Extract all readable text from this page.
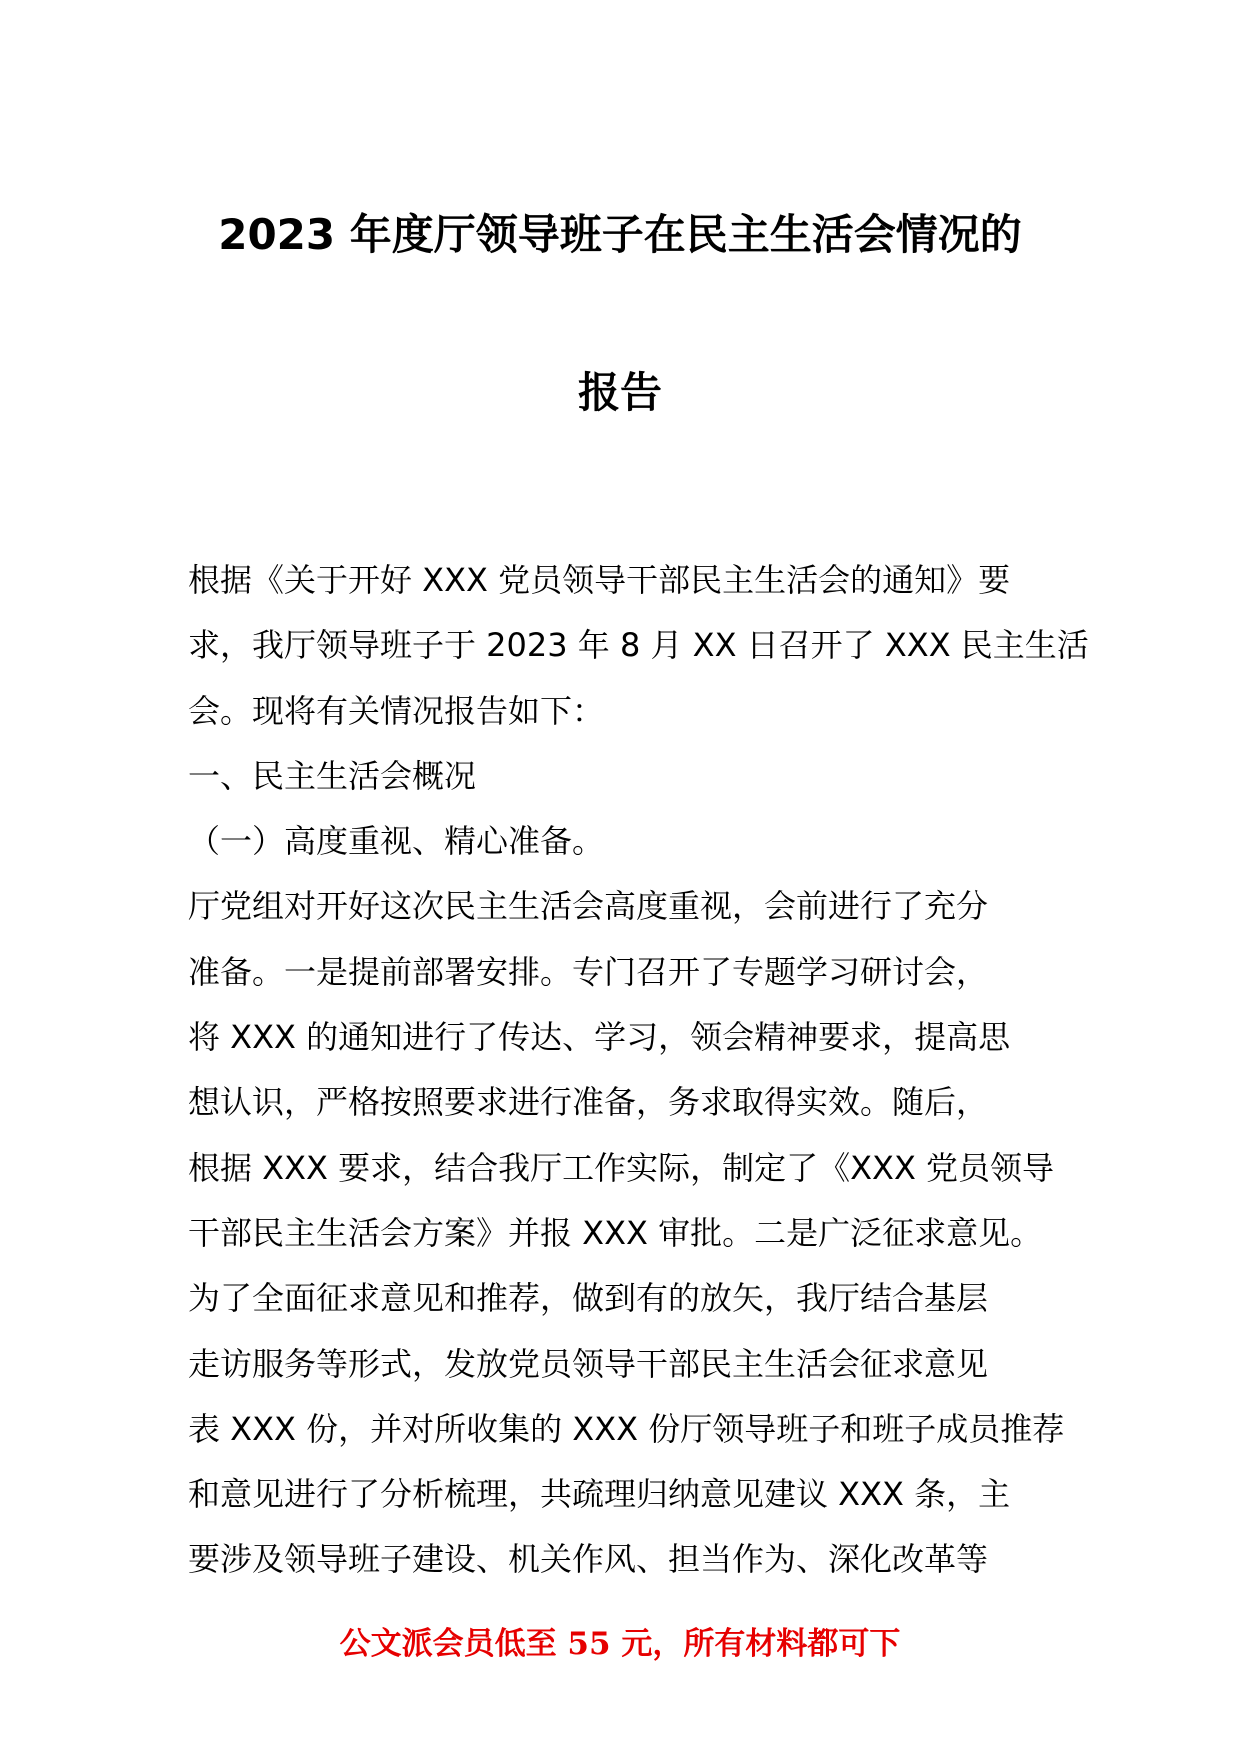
2023 年度厅领导班子在民主生活会情况的
报告
根据《关于开好 XXX 党员领导干部民主生活会的通知》要
求，我厅领导班子于 2023 年 8 月 XX 日召开了 XXX 民主生活
会。现将有关情况报告如下：
一、民主生活会概况
（一）高度重视、精心准备。
厅党组对开好这次民主生活会高度重视，会前进行了充分
准备。一是提前部署安排。专门召开了专题学习研讨会，
将 XXX 的通知进行了传达、学习，领会精神要求，提高思
想认识，严格按照要求进行准备，务求取得实效。随后，
根据 XXX 要求，结合我厅工作实际，制定了《XXX 党员领导
干部民主生活会方案》并报 XXX 审批。二是广泛征求意见。
为了全面征求意见和推荐，做到有的放矢，我厅结合基层
走访服务等形式，发放党员领导干部民主生活会征求意见
表 XXX 份，并对所收集的 XXX 份厅领导班子和班子成员推荐
和意见进行了分析梳理，共疏理归纳意见建议 XXX 条，主
要涉及领导班子建设、机关作风、担当作为、深化改革等
公文派会员低至 55 元，所有材料都可下
